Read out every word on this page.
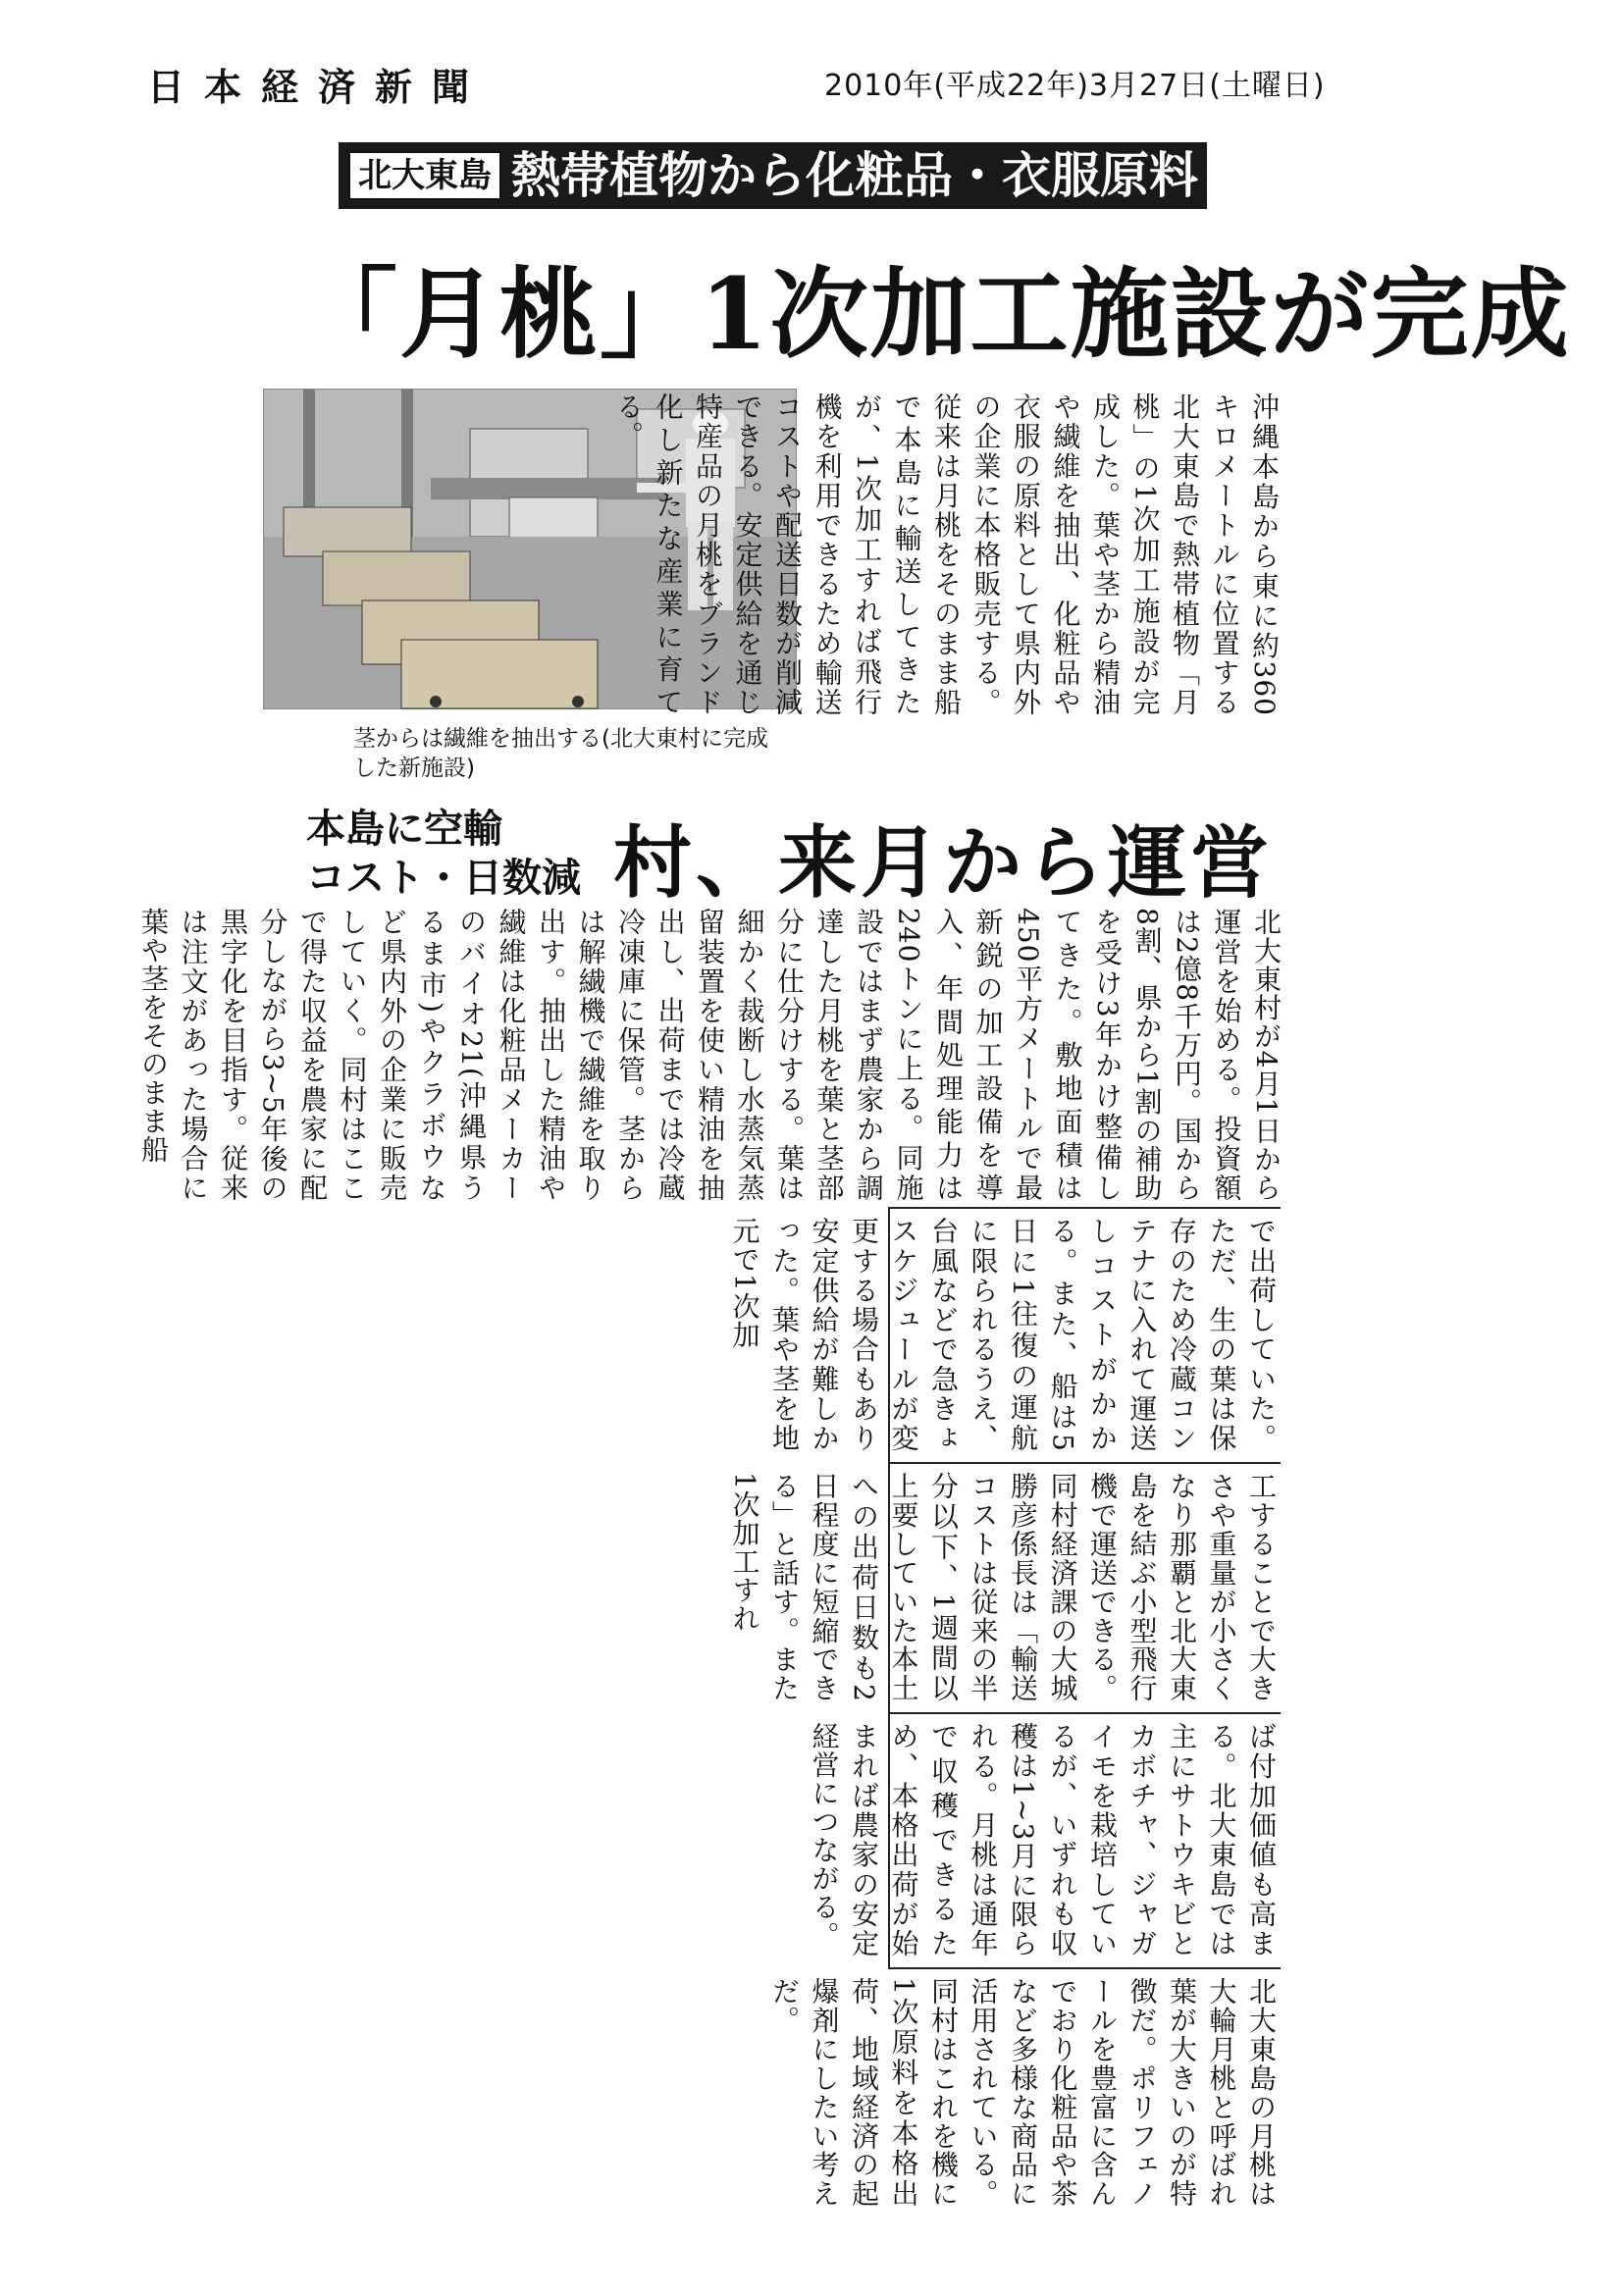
日本経済新聞	2010年(平成22年)3月27日(土曜日)
北大東島 熱帯植物から化粧品・衣服原料
「月桃」1次加工施設が完成
茎からは繊維を抽出する(北大東村に完成した新施設)
沖縄本島から東に約360キロメートルに位置する北大東島で熱帯植物「月桃」の1次加工施設が完成した。葉や茎から精油や繊維を抽出、化粧品や衣服の原料として県内外の企業に本格販売する。従来は月桃をそのまま船で本島に輸送してきたが、1次加工すれば飛行機を利用できるため輸送コストや配送日数が削減できる。安定供給を通じ特産品の月桃をブランド化し新たな産業に育てる。
本島に空輸
コスト・日数減 村、来月から運営
北大東村が4月1日から運営を始める。投資額は2億8千万円。国から8割、県から1割の補助を受け3年かけ整備してきた。敷地面積は450平方メートルで最新鋭の加工設備を導入、年間処理能力は240トンに上る。同施設ではまず農家から調達した月桃を葉と茎部分に仕分けする。葉は細かく裁断し水蒸気蒸留装置を使い精油を抽出し、出荷までは冷蔵冷凍庫に保管。茎からは解繊機で繊維を取り出す。抽出した精油や繊維は化粧品メーカーのバイオ21(沖縄県うるま市)やクラボウなど県内外の企業に販売していく。同村はここで得た収益を農家に配分しながら3~5年後の黒字化を目指す。従来は注文があった場合に葉や茎をそのまま船
で出荷していた。ただ、生の葉は保存のため冷蔵コンテナに入れて運送しコストがかかる。また、船は5日に1往復の運航に限られるうえ、台風などで急きょスケジュールが変更する場合もあり安定供給が難しかった。葉や茎を地元で1次加
工することで大きさや重量が小さくなり那覇と北大東島を結ぶ小型飛行機で運送できる。同村経済課の大城勝彦係長は「輸送コストは従来の半分以下、1週間以上要していた本土への出荷日数も2日程度に短縮できる」と話す。また1次加工すれ
ば付加価値も高まる。北大東島では主にサトウキビとカボチャ、ジャガイモを栽培しているが、いずれも収穫は1~3月に限られる。月桃は通年で収穫できるため、本格出荷が始まれば農家の安定経営につながる。
北大東島の月桃は大輪月桃と呼ばれ葉が大きいのが特徴だ。ポリフェノールを豊富に含んでおり化粧品や茶など多様な商品に活用されている。同村はこれを機に1次原料を本格出荷、地域経済の起爆剤にしたい考えだ。
